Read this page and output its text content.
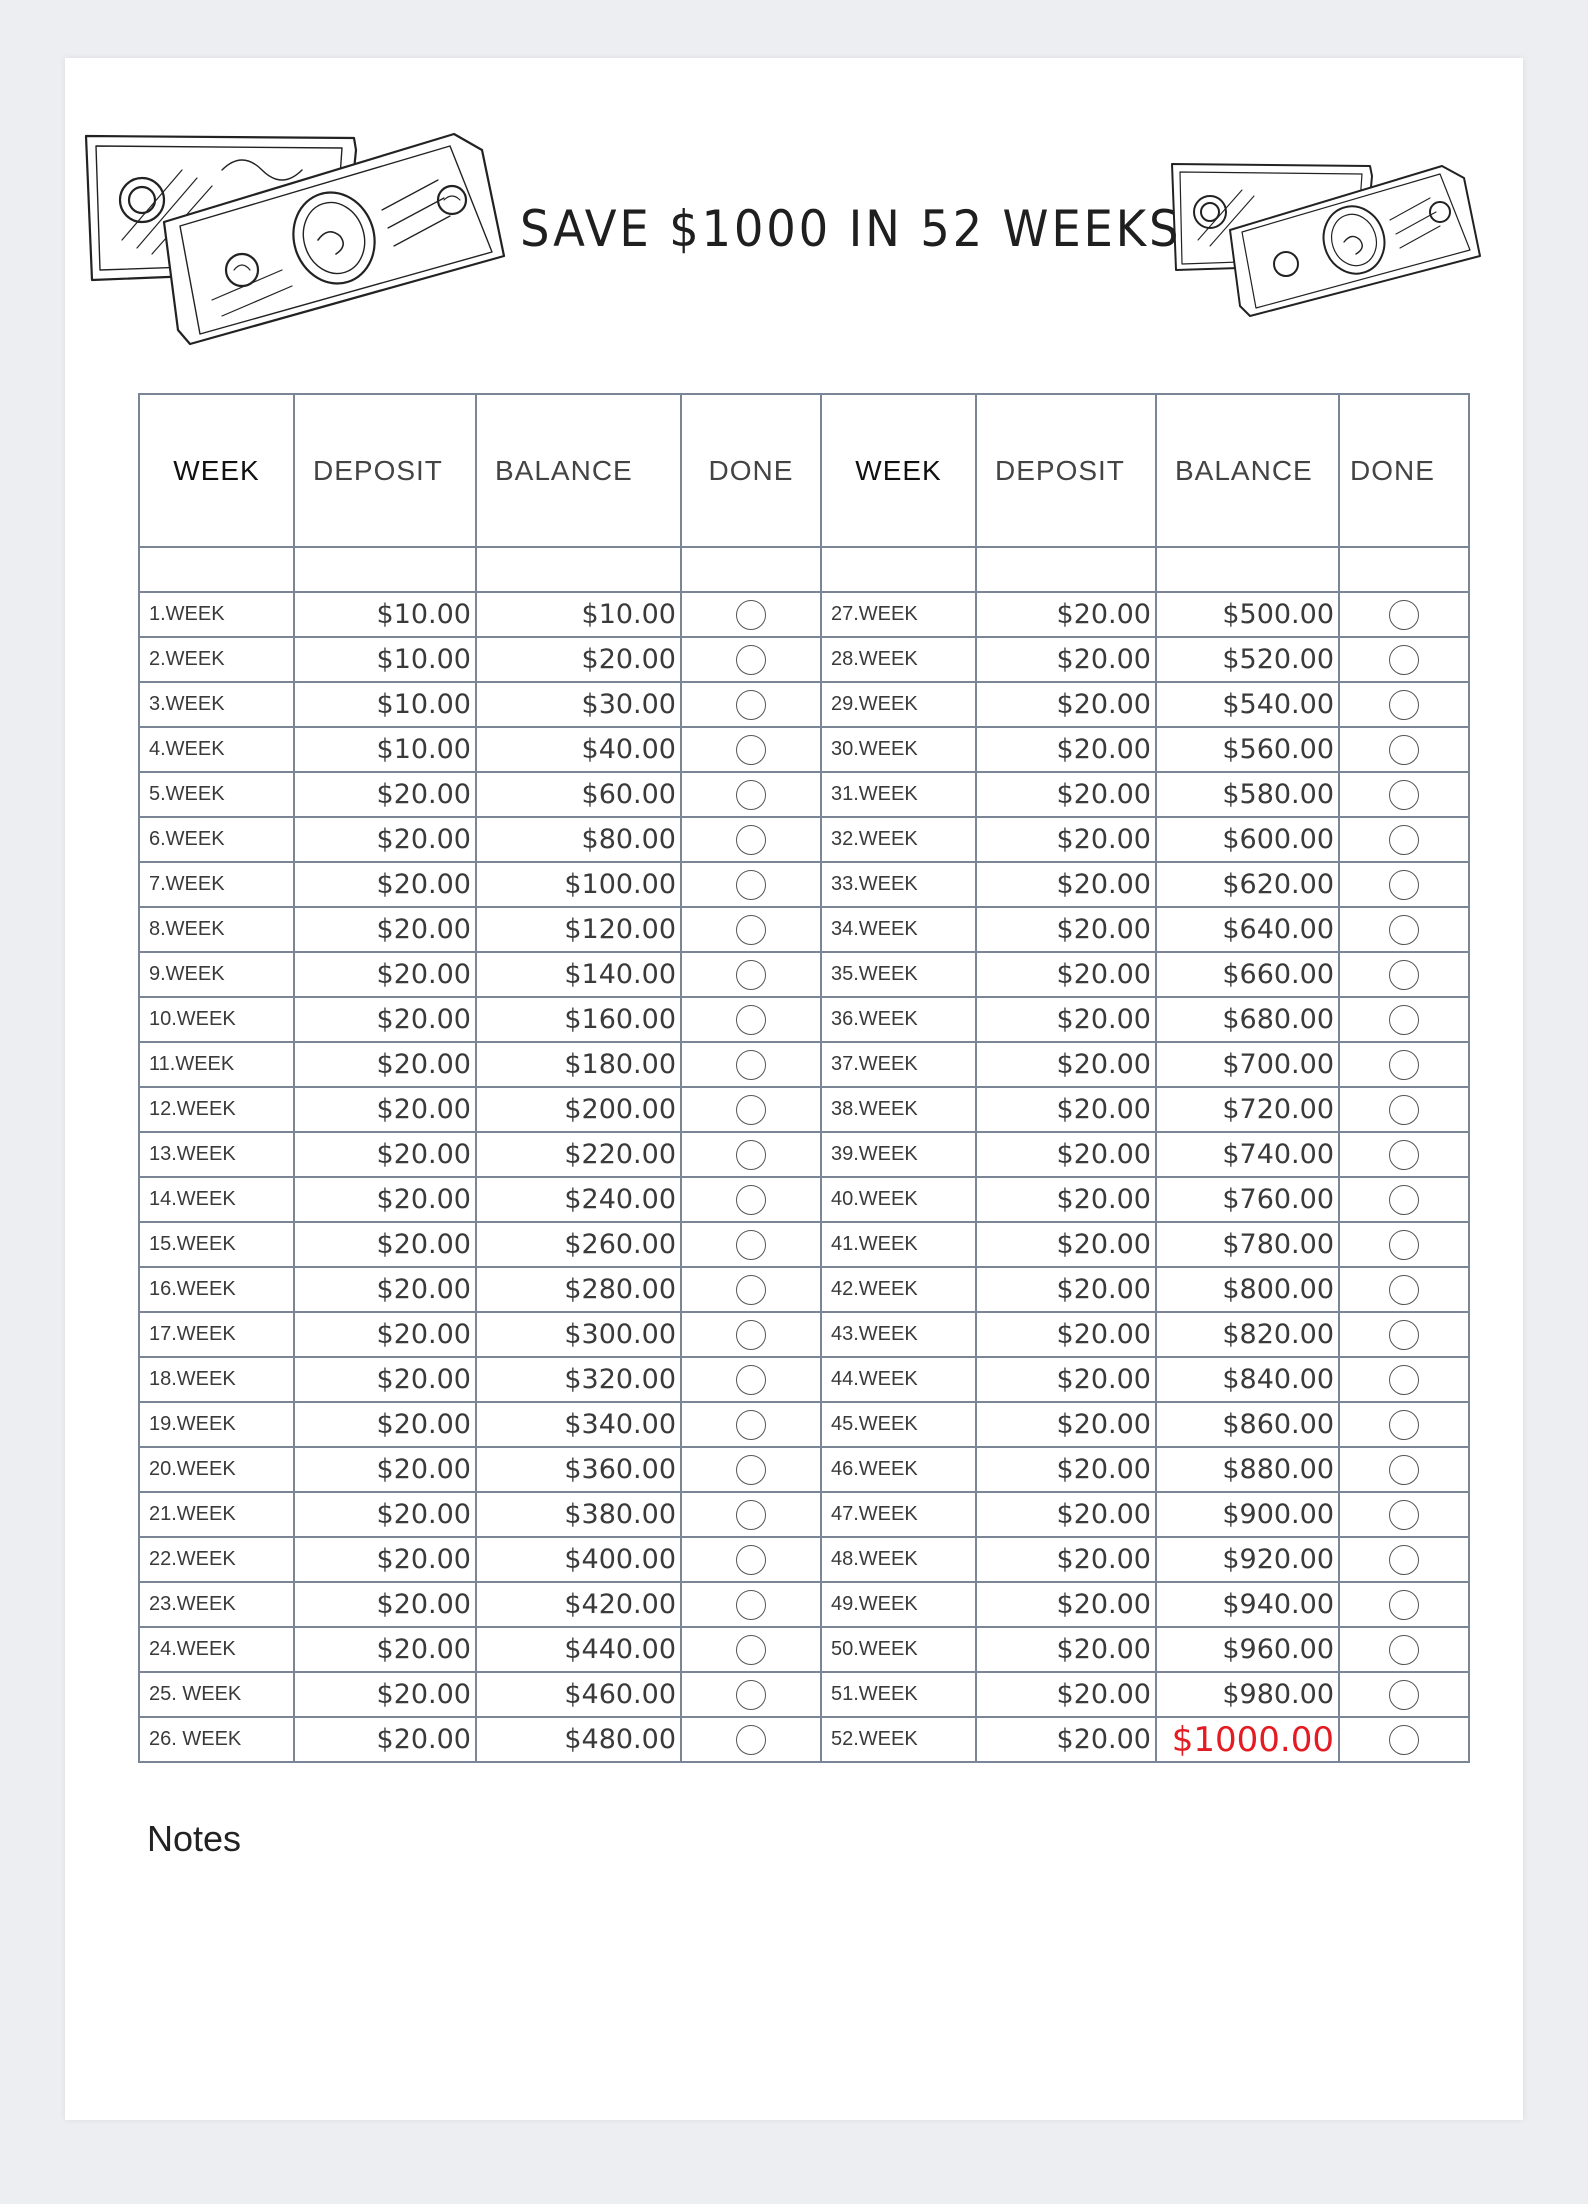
SAVE $1000 IN 52 WEEKS
WEEK	DEPOSIT	BALANCE	DONE	WEEK	DEPOSIT	BALANCE	DONE

1.WEEK	$10.00	$10.00		27.WEEK	$20.00	$500.00	
2.WEEK	$10.00	$20.00		28.WEEK	$20.00	$520.00	
3.WEEK	$10.00	$30.00		29.WEEK	$20.00	$540.00	
4.WEEK	$10.00	$40.00		30.WEEK	$20.00	$560.00	
5.WEEK	$20.00	$60.00		31.WEEK	$20.00	$580.00	
6.WEEK	$20.00	$80.00		32.WEEK	$20.00	$600.00	
7.WEEK	$20.00	$100.00		33.WEEK	$20.00	$620.00	
8.WEEK	$20.00	$120.00		34.WEEK	$20.00	$640.00	
9.WEEK	$20.00	$140.00		35.WEEK	$20.00	$660.00	
10.WEEK	$20.00	$160.00		36.WEEK	$20.00	$680.00	
11.WEEK	$20.00	$180.00		37.WEEK	$20.00	$700.00	
12.WEEK	$20.00	$200.00		38.WEEK	$20.00	$720.00	
13.WEEK	$20.00	$220.00		39.WEEK	$20.00	$740.00	
14.WEEK	$20.00	$240.00		40.WEEK	$20.00	$760.00	
15.WEEK	$20.00	$260.00		41.WEEK	$20.00	$780.00	
16.WEEK	$20.00	$280.00		42.WEEK	$20.00	$800.00	
17.WEEK	$20.00	$300.00		43.WEEK	$20.00	$820.00	
18.WEEK	$20.00	$320.00		44.WEEK	$20.00	$840.00	
19.WEEK	$20.00	$340.00		45.WEEK	$20.00	$860.00	
20.WEEK	$20.00	$360.00		46.WEEK	$20.00	$880.00	
21.WEEK	$20.00	$380.00		47.WEEK	$20.00	$900.00	
22.WEEK	$20.00	$400.00		48.WEEK	$20.00	$920.00	
23.WEEK	$20.00	$420.00		49.WEEK	$20.00	$940.00	
24.WEEK	$20.00	$440.00		50.WEEK	$20.00	$960.00	
25. WEEK	$20.00	$460.00		51.WEEK	$20.00	$980.00	
26. WEEK	$20.00	$480.00		52.WEEK	$20.00	$1000.00	
Notes
